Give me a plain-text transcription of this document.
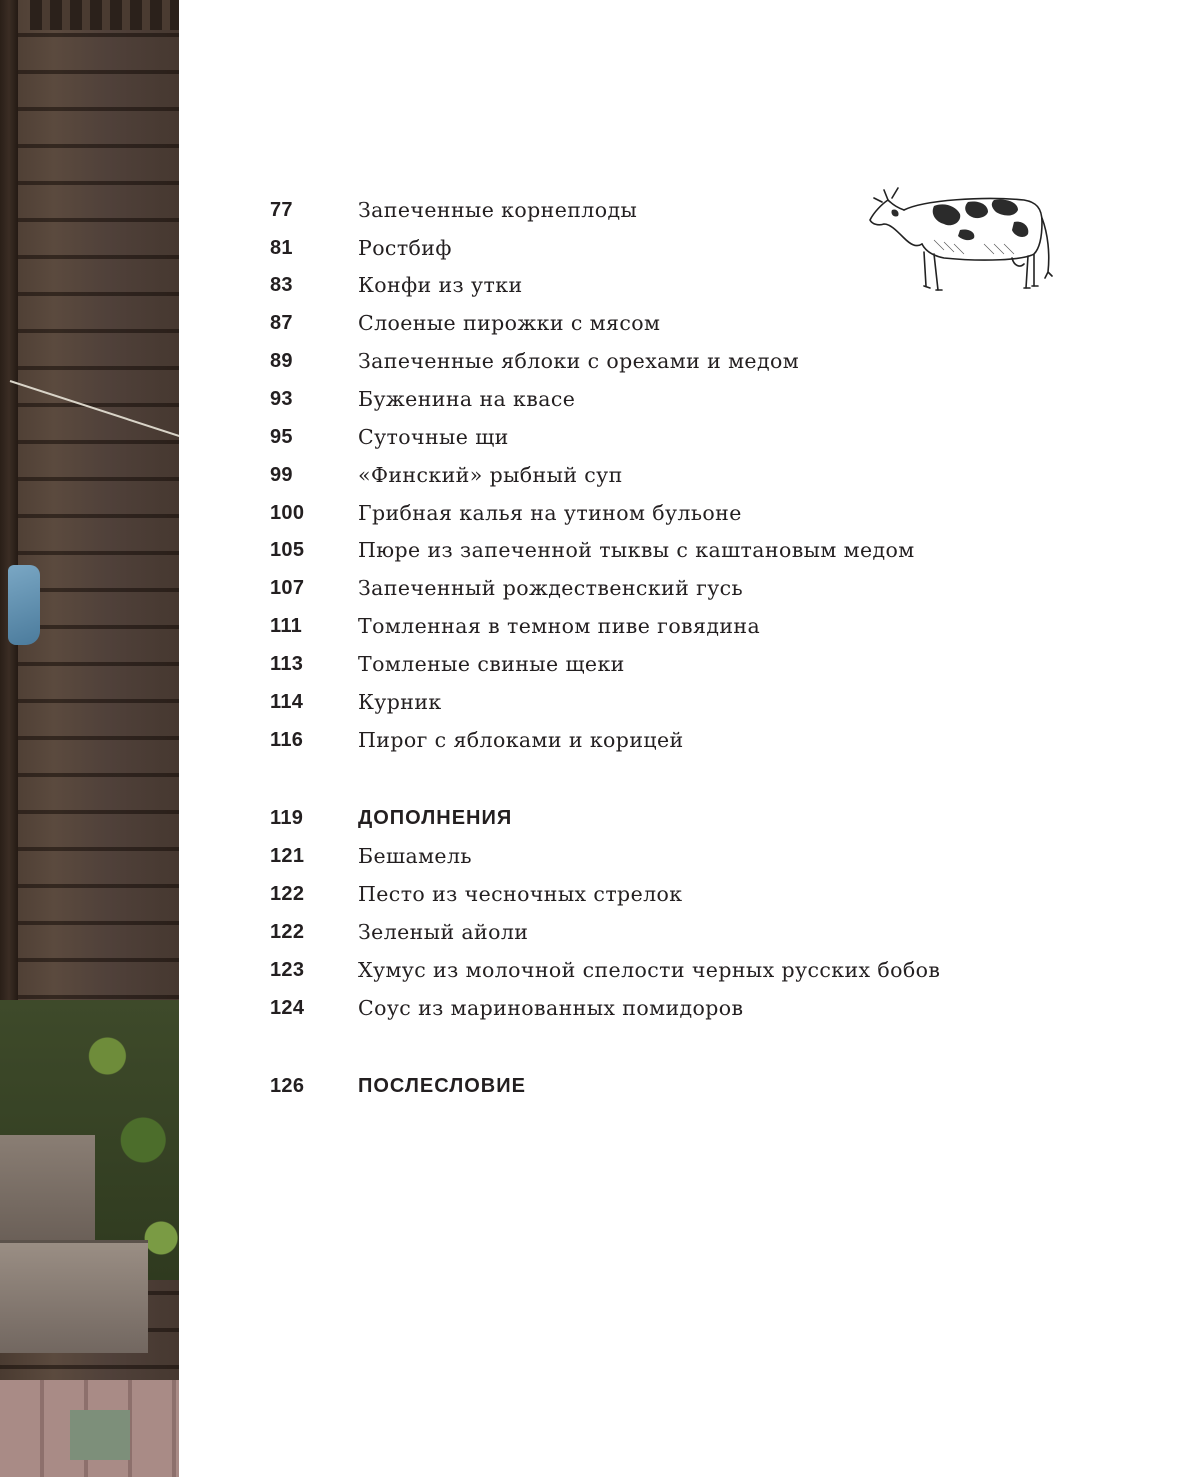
77	Запеченные корнеплоды
81	Ростбиф
83	Конфи из утки
87	Слоеные пирожки с мясом
89	Запеченные яблоки с орехами и медом
93	Буженина на квасе
95	Суточные щи
99	«Финский» рыбный суп
100	Грибная калья на утином бульоне
105	Пюре из запеченной тыквы с каштановым медом
107	Запеченный рождественский гусь
111	Томленная в темном пиве говядина
113	Томленые свиные щеки
114	Курник
116	Пирог с яблоками и корицей
119	ДОПОЛНЕНИЯ
121	Бешамель
122	Песто из чесночных стрелок
122	Зеленый айоли
123	Хумус из молочной спелости черных русских бобов
124	Соус из маринованных помидоров
126	ПОСЛЕСЛОВИЕ
